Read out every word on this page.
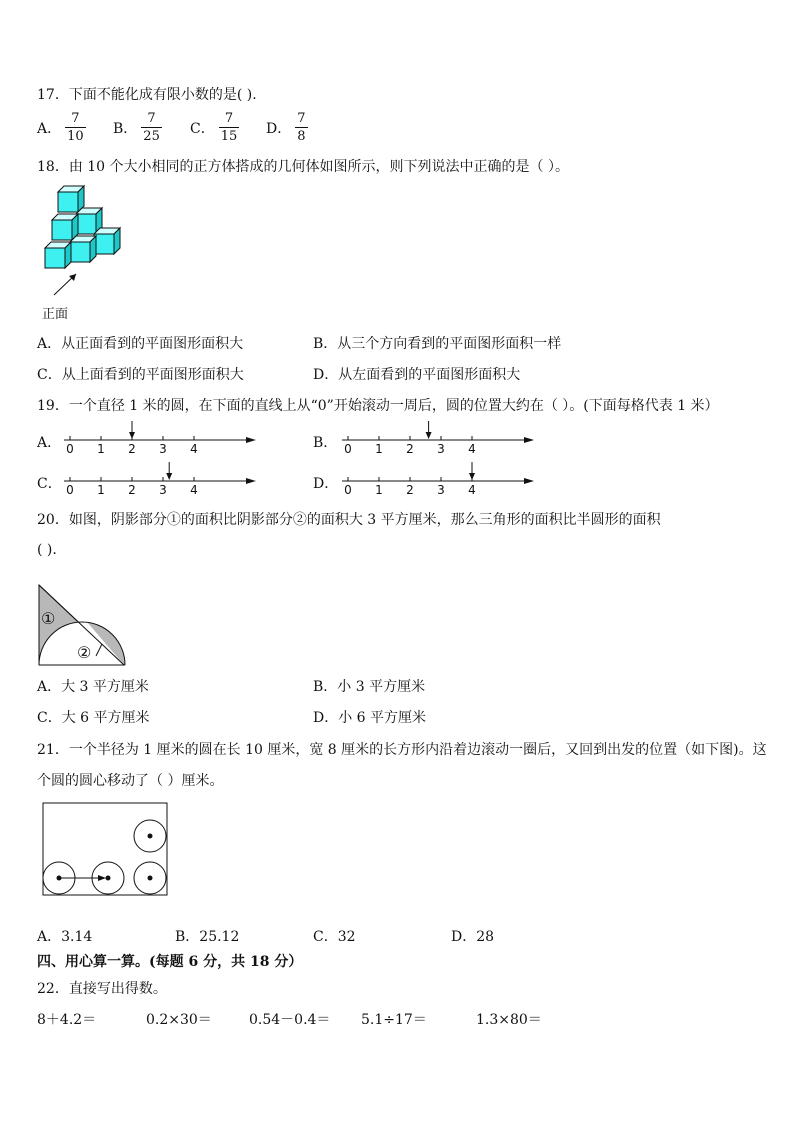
17．下面不能化成有限小数的是( ).
A． $\frac{7}{10}$ B． $\frac{7}{25}$ C． $\frac{7}{15}$ D． $\frac{7}{8}$
18．由 10 个大小相同的正方体搭成的几何体如图所示，则下列说法中正确的是（ ）。
正面
A．从正面看到的平面图形面积大	B．从三个方向看到的平面图形面积一样
C．从上面看到的平面图形面积大	D．从左面看到的平面图形面积大
19．一个直径 1 米的圆，在下面的直线上从“0”开始滚动一周后，圆的位置大约在（ ）。(下面每格代表 1 米）
A． 0 1 2 3 4	B． 0 1 2 3 4
C． 0 1 2 3 4	D． 0 1 2 3 4
20．如图，阴影部分①的面积比阴影部分②的面积大 3 平方厘米，那么三角形的面积比半圆形的面积
( ).
①
②
A．大 3 平方厘米	B．小 3 平方厘米
C．大 6 平方厘米	D．小 6 平方厘米
21．一个半径为 1 厘米的圆在长 10 厘米，宽 8 厘米的长方形内沿着边滚动一圈后，又回到出发的位置（如下图)。这
个圆的圆心移动了（ ）厘米。
A．3.14	B．25.12	C．32	D．28
四、用心算一算。(每题 6 分，共 18 分）
22．直接写出得数。
8＋4.2＝	0.2×30＝	0.54－0.4＝ 5.1÷17＝	1.3×80＝
